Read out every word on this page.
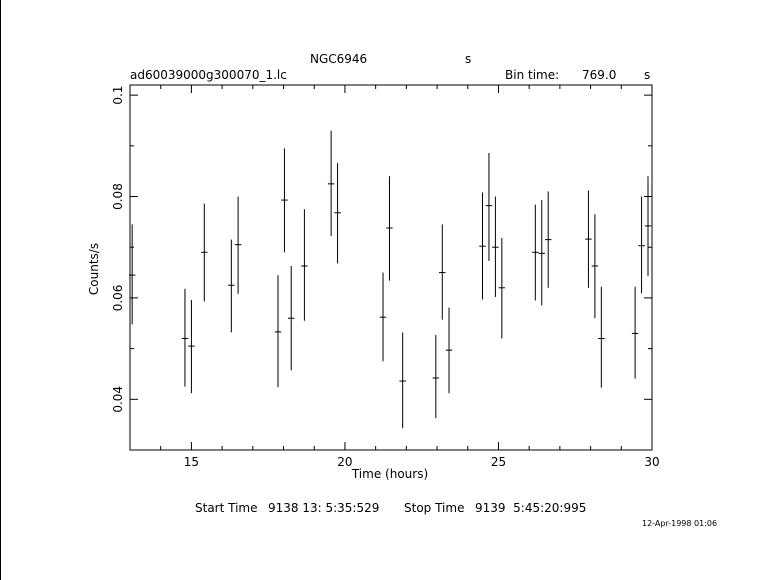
NGC6946	s
ad60039000g300070_1.lc	Bin time: 769.0 s
15	20	25	30
0.04
0.06
0.08
0.1
Time (hours)
Counts/s
Start Time 9138 13: 5:35:529 Stop Time 9139  5:45:20:995
12-Apr-1998 01:06
